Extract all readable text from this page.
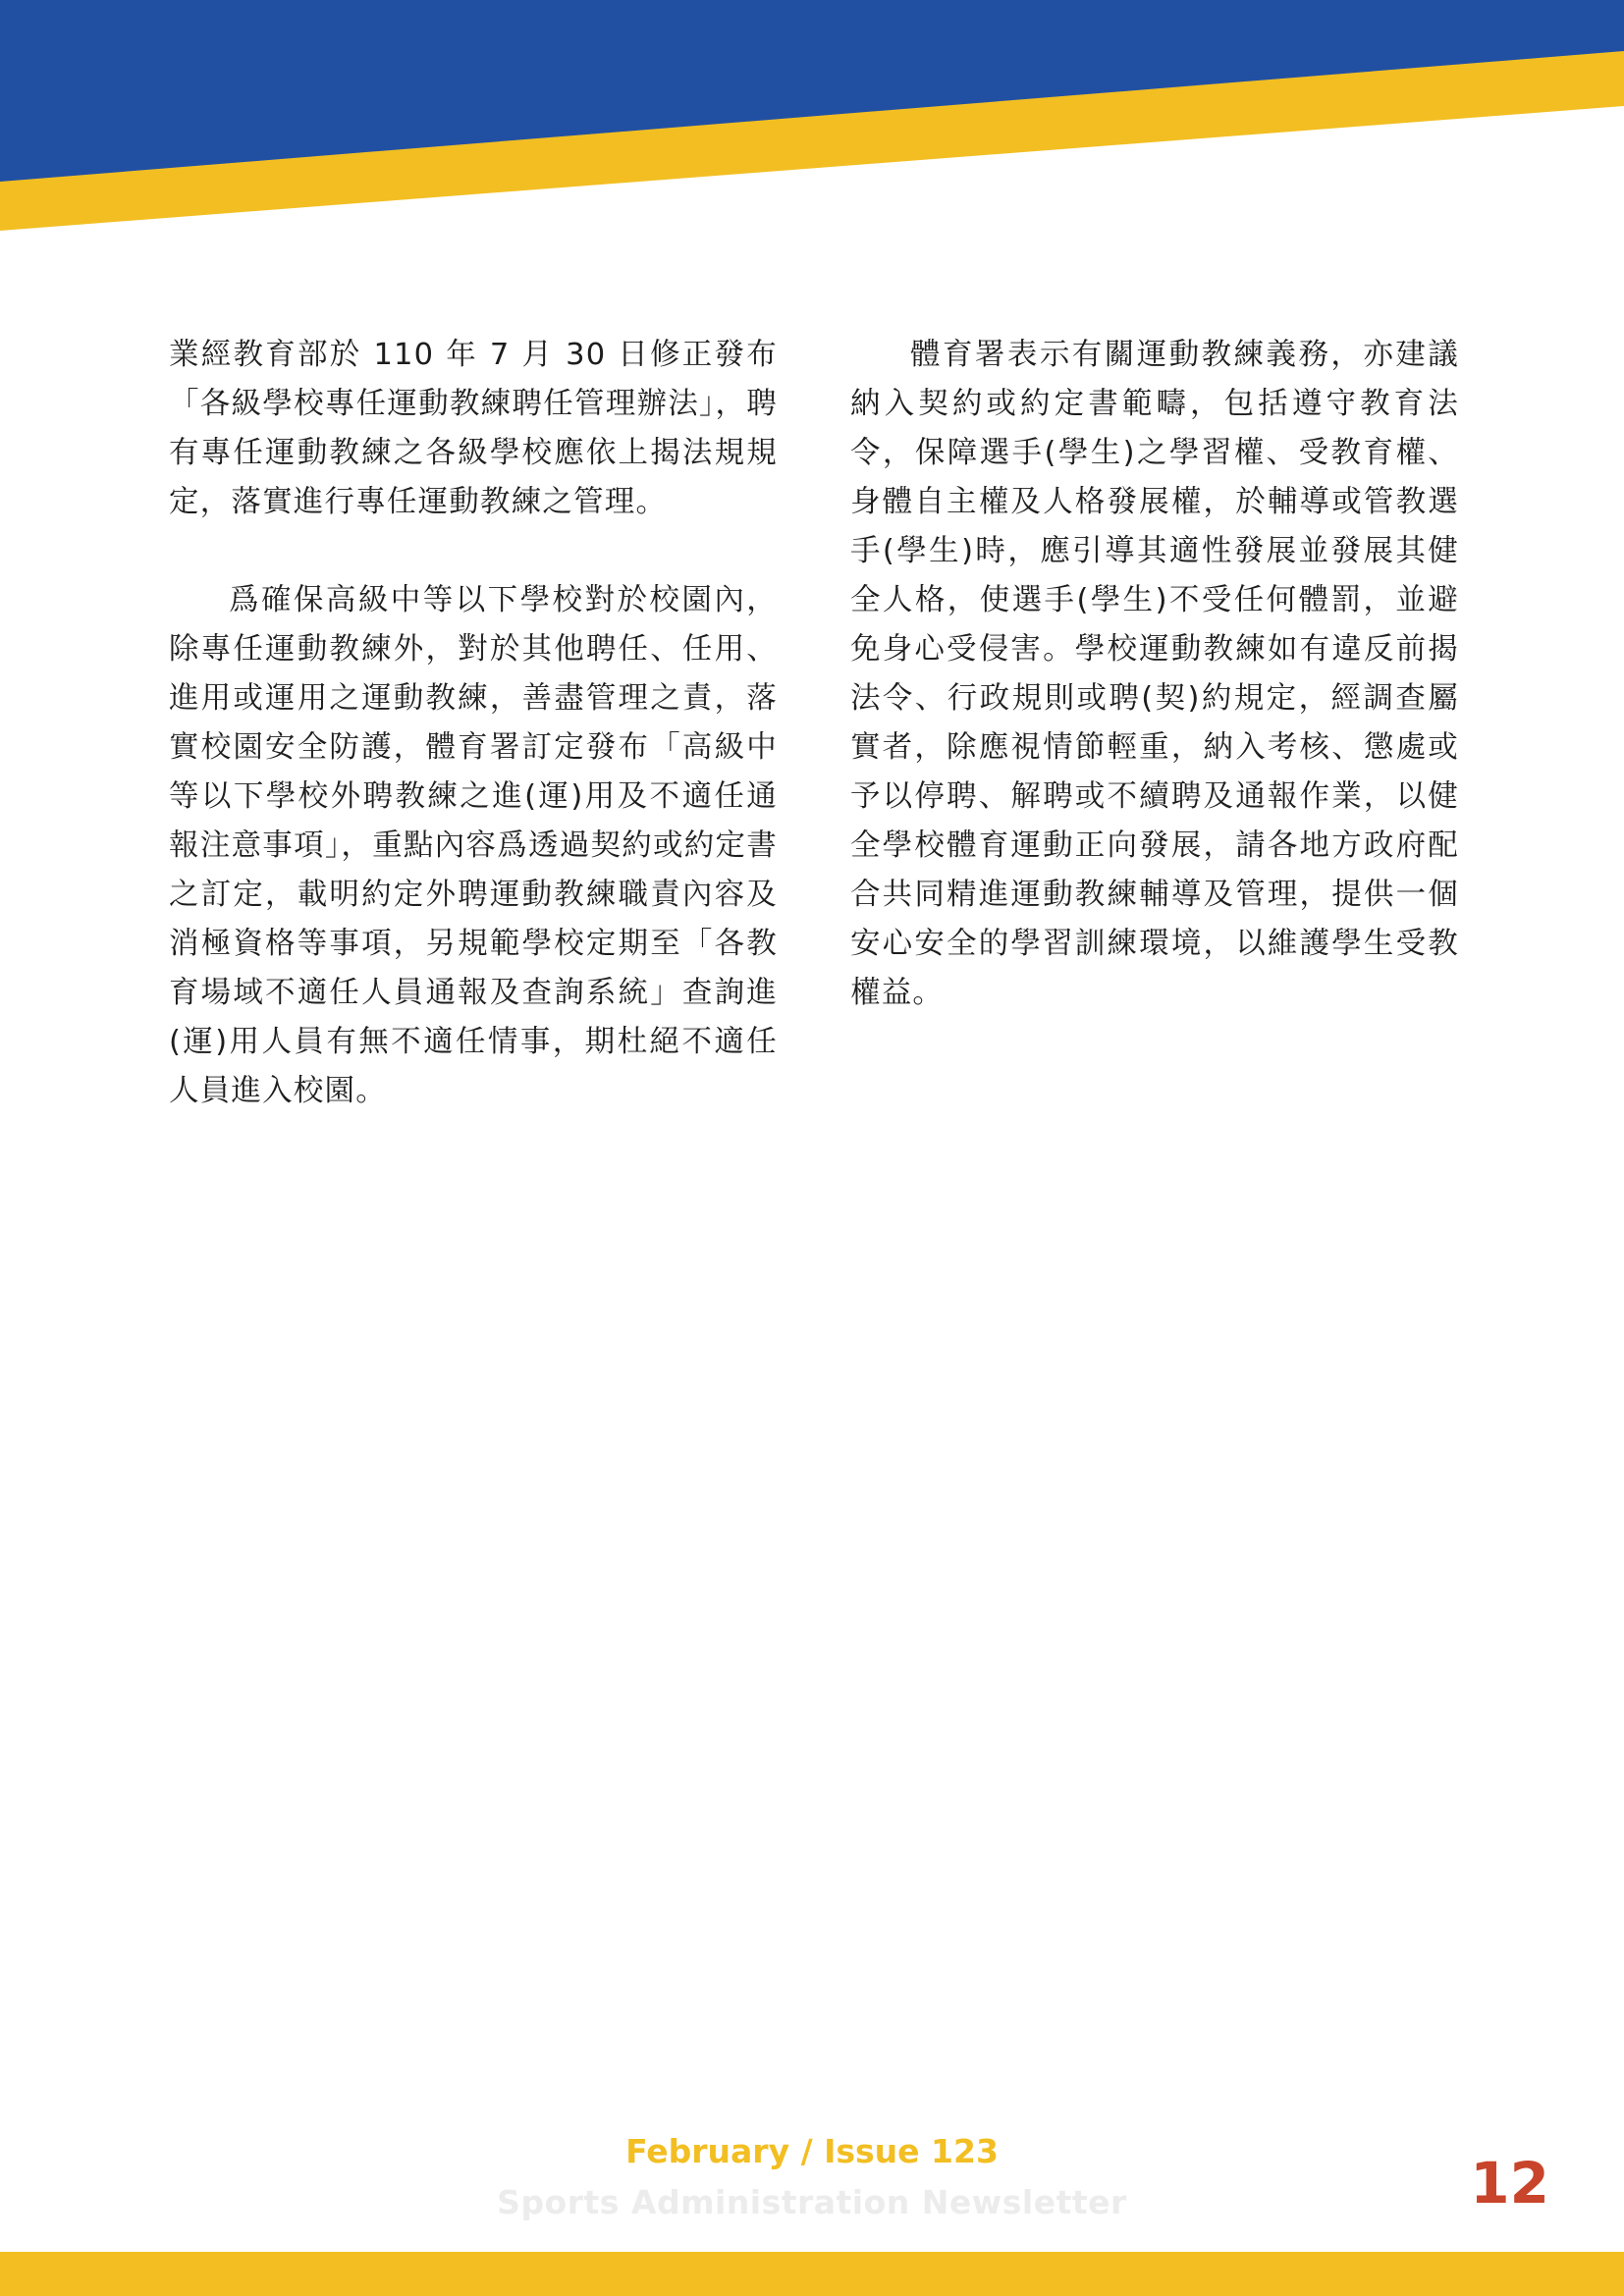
業經教育部於 110 年 7 月 30 日修正發布「各級學校專任運動教練聘任管理辦法」，聘有專任運動教練之各級學校應依上揭法規規定，落實進行專任運動教練之管理。

爲確保高級中等以下學校對於校園內，除專任運動教練外，對於其他聘任、任用、進用或運用之運動教練，善盡管理之責，落實校園安全防護，體育署訂定發布「高級中等以下學校外聘教練之進(運)用及不適任通報注意事項」，重點內容爲透過契約或約定書之訂定，載明約定外聘運動教練職責內容及消極資格等事項，另規範學校定期至「各教育場域不適任人員通報及查詢系統」查詢進(運)用人員有無不適任情事，期杜絕不適任人員進入校園。

體育署表示有關運動教練義務，亦建議納入契約或約定書範疇，包括遵守教育法令，保障選手(學生)之學習權、受教育權、身體自主權及人格發展權，於輔導或管教選手(學生)時，應引導其適性發展並發展其健全人格，使選手(學生)不受任何體罰，並避免身心受侵害。學校運動教練如有違反前揭法令、行政規則或聘(契)約規定，經調查屬實者，除應視情節輕重，納入考核、懲處或予以停聘、解聘或不續聘及通報作業，以健全學校體育運動正向發展，請各地方政府配合共同精進運動教練輔導及管理，提供一個安心安全的學習訓練環境，以維護學生受教權益。

February / Issue 123
Sports Administration Newsletter	12
